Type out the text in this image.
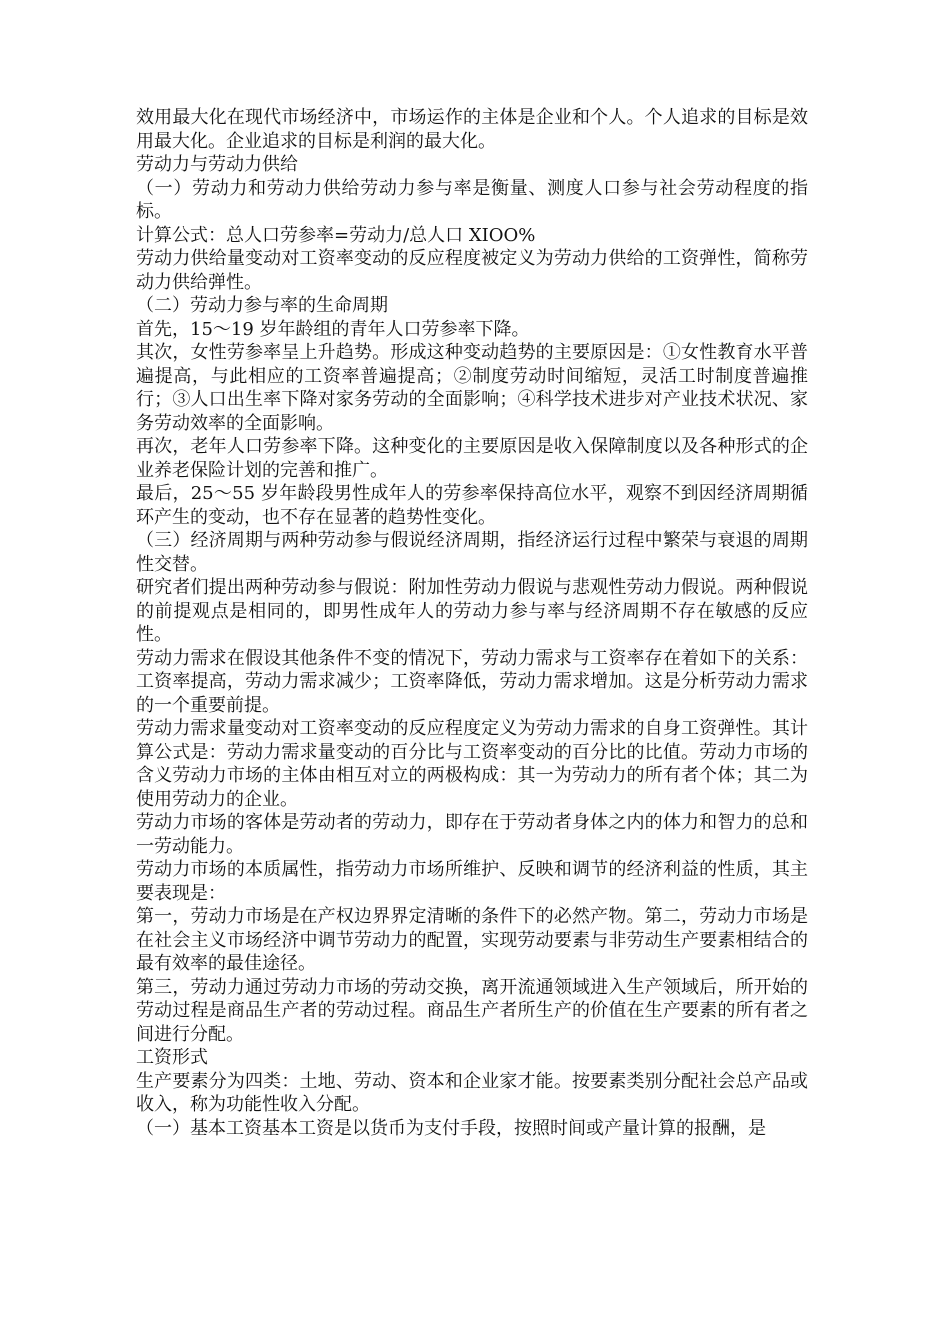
效用最大化在现代市场经济中，市场运作的主体是企业和个人。个人追求的目标是效用最大化。企业追求的目标是利润的最大化。

劳动力与劳动力供给

（一）劳动力和劳动力供给劳动力参与率是衡量、测度人口参与社会劳动程度的指标。

计算公式：总人口劳参率=劳动力/总人口 XIOO%

劳动力供给量变动对工资率变动的反应程度被定义为劳动力供给的工资弹性，简称劳动力供给弹性。

（二）劳动力参与率的生命周期

首先，15〜19 岁年龄组的青年人口劳参率下降。

其次，女性劳参率呈上升趋势。形成这种变动趋势的主要原因是：①女性教育水平普遍提高，与此相应的工资率普遍提高；②制度劳动时间缩短，灵活工时制度普遍推行；③人口出生率下降对家务劳动的全面影响；④科学技术进步对产业技术状况、家务劳动效率的全面影响。

再次，老年人口劳参率下降。这种变化的主要原因是收入保障制度以及各种形式的企业养老保险计划的完善和推广。

最后，25〜55 岁年龄段男性成年人的劳参率保持高位水平，观察不到因经济周期循环产生的变动，也不存在显著的趋势性变化。

（三）经济周期与两种劳动参与假说经济周期，指经济运行过程中繁荣与衰退的周期性交替。

研究者们提出两种劳动参与假说：附加性劳动力假说与悲观性劳动力假说。两种假说的前提观点是相同的，即男性成年人的劳动力参与率与经济周期不存在敏感的反应性。

劳动力需求在假设其他条件不变的情况下，劳动力需求与工资率存在着如下的关系：工资率提高，劳动力需求减少；工资率降低，劳动力需求增加。这是分析劳动力需求的一个重要前提。

劳动力需求量变动对工资率变动的反应程度定义为劳动力需求的自身工资弹性。其计算公式是：劳动力需求量变动的百分比与工资率变动的百分比的比值。劳动力市场的含义劳动力市场的主体由相互对立的两极构成：其一为劳动力的所有者个体；其二为使用劳动力的企业。

劳动力市场的客体是劳动者的劳动力，即存在于劳动者身体之内的体力和智力的总和一劳动能力。

劳动力市场的本质属性，指劳动力市场所维护、反映和调节的经济利益的性质，其主要表现是：

第一，劳动力市场是在产权边界界定清晰的条件下的必然产物。第二，劳动力市场是在社会主义市场经济中调节劳动力的配置，实现劳动要素与非劳动生产要素相结合的最有效率的最佳途径。

第三，劳动力通过劳动力市场的劳动交换，离开流通领域进入生产领域后，所开始的劳动过程是商品生产者的劳动过程。商品生产者所生产的价值在生产要素的所有者之间进行分配。

工资形式

生产要素分为四类：土地、劳动、资本和企业家才能。按要素类别分配社会总产品或收入，称为功能性收入分配。

（一）基本工资基本工资是以货币为支付手段，按照时间或产量计算的报酬，是
